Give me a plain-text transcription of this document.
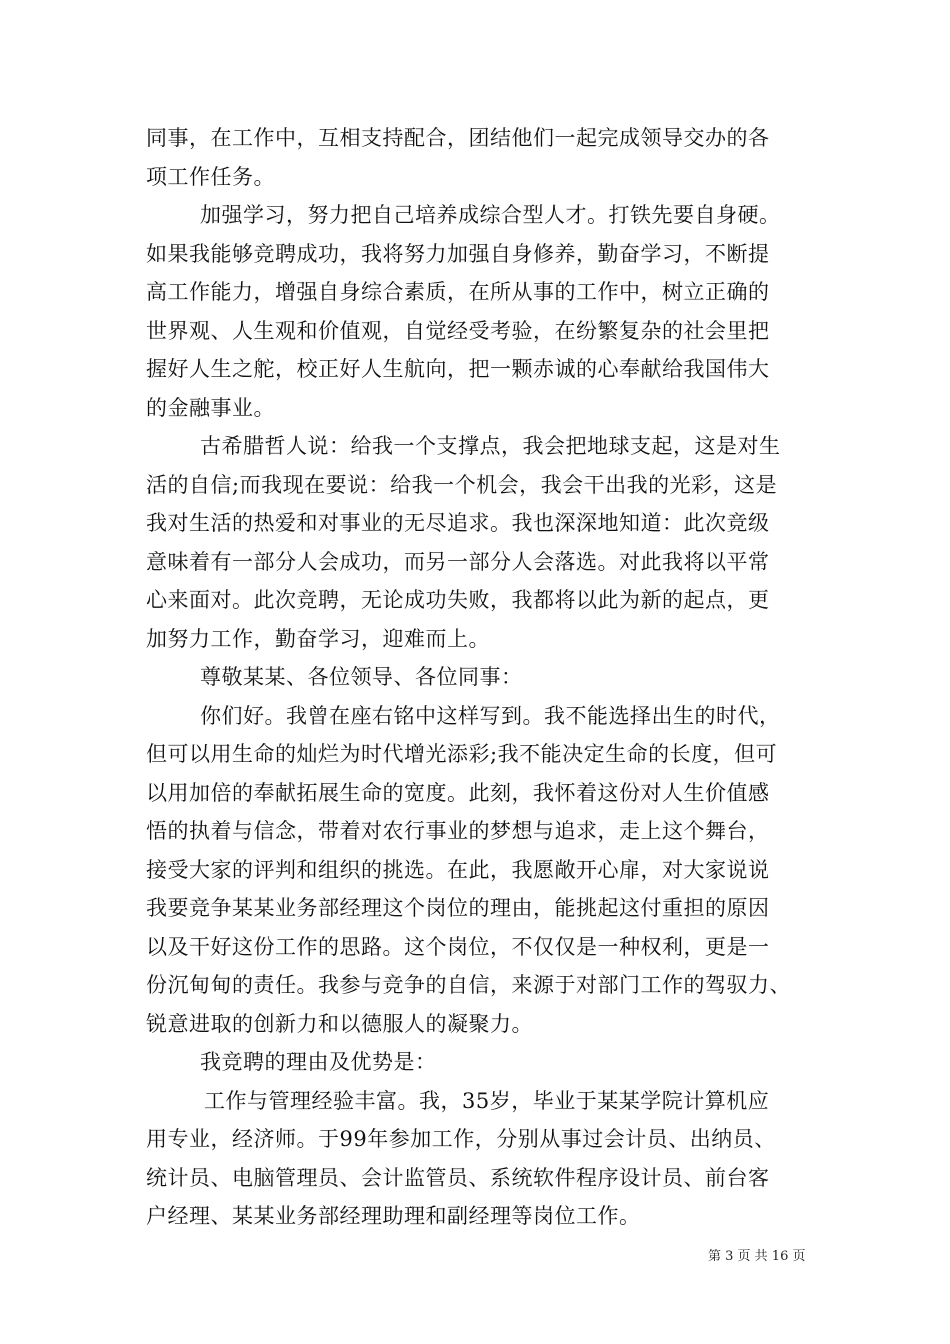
同事，在工作中，互相支持配合，团结他们一起完成领导交办的各
项工作任务。
加强学习，努力把自己培养成综合型人才。打铁先要自身硬。
如果我能够竞聘成功，我将努力加强自身修养，勤奋学习，不断提
高工作能力，增强自身综合素质，在所从事的工作中，树立正确的
世界观、人生观和价值观，自觉经受考验，在纷繁复杂的社会里把
握好人生之舵，校正好人生航向，把一颗赤诚的心奉献给我国伟大
的金融事业。
古希腊哲人说：给我一个支撑点，我会把地球支起，这是对生
活的自信;而我现在要说：给我一个机会，我会干出我的光彩，这是
我对生活的热爱和对事业的无尽追求。我也深深地知道：此次竞级
意味着有一部分人会成功，而另一部分人会落选。对此我将以平常
心来面对。此次竞聘，无论成功失败，我都将以此为新的起点，更
加努力工作，勤奋学习，迎难而上。
尊敬某某、各位领导、各位同事：
你们好。我曾在座右铭中这样写到。我不能选择出生的时代，
但可以用生命的灿烂为时代增光添彩;我不能决定生命的长度，但可
以用加倍的奉献拓展生命的宽度。此刻，我怀着这份对人生价值感
悟的执着与信念，带着对农行事业的梦想与追求，走上这个舞台，
接受大家的评判和组织的挑选。在此，我愿敞开心扉，对大家说说
我要竞争某某业务部经理这个岗位的理由，能挑起这付重担的原因
以及干好这份工作的思路。这个岗位，不仅仅是一种权利，更是一
份沉甸甸的责任。我参与竞争的自信，来源于对部门工作的驾驭力、
锐意进取的创新力和以德服人的凝聚力。
我竞聘的理由及优势是：
工作与管理经验丰富。我，35岁，毕业于某某学院计算机应
用专业，经济师。于99年参加工作，分别从事过会计员、出纳员、
统计员、电脑管理员、会计监管员、系统软件程序设计员、前台客
户经理、某某业务部经理助理和副经理等岗位工作。
第 3 页 共 16 页
